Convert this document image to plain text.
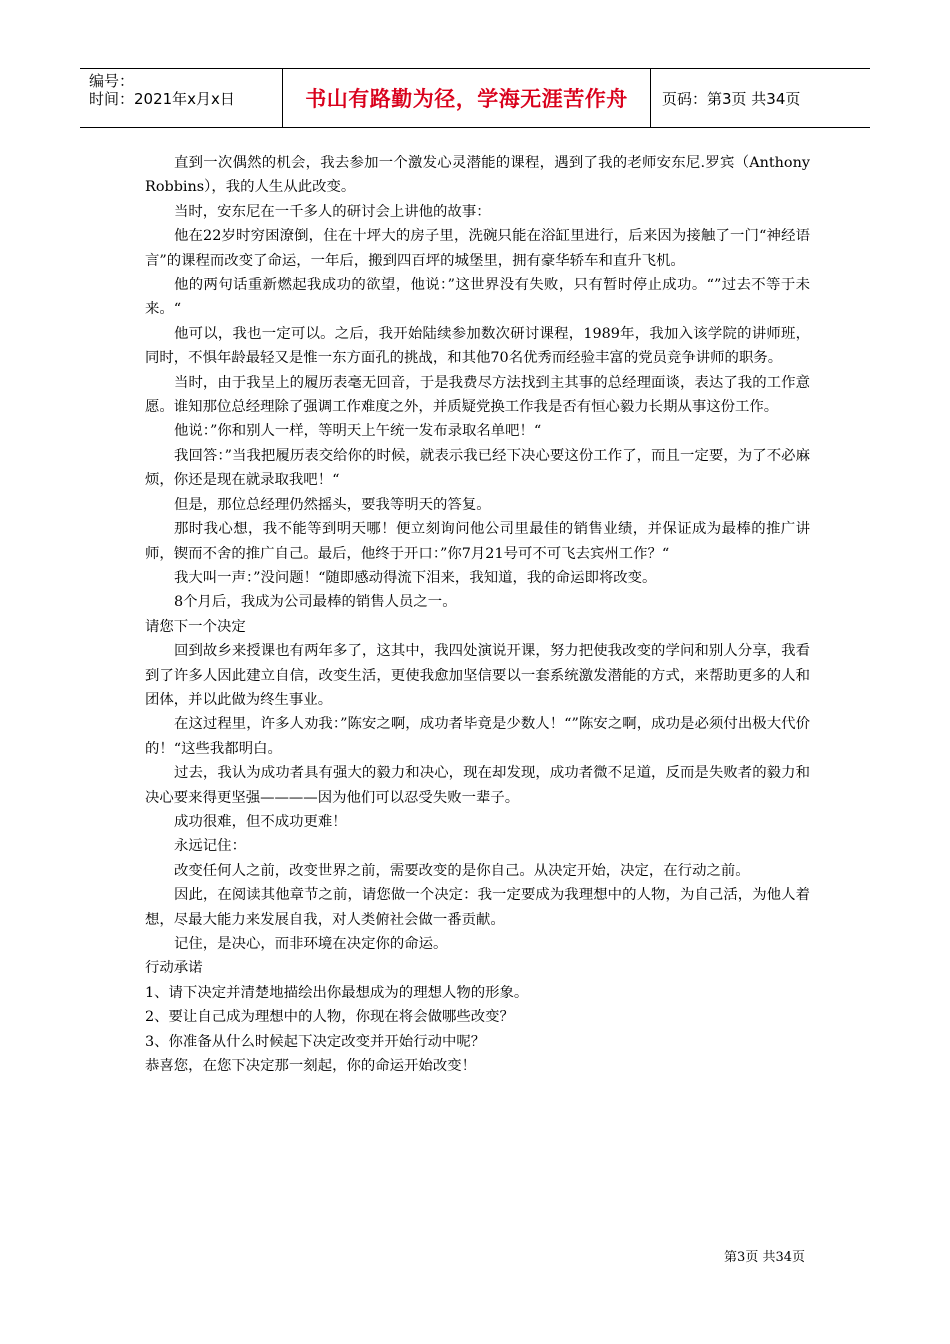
编号：
时间：2021年x月x日	书山有路勤为径，学海无涯苦作舟	页码：第3页 共34页

直到一次偶然的机会，我去参加一个激发心灵潜能的课程，遇到了我的老师安东尼.罗宾（Anthony Robbins），我的人生从此改变。

当时，安东尼在一千多人的研讨会上讲他的故事：

他在22岁时穷困潦倒，住在十坪大的房子里，洗碗只能在浴缸里进行，后来因为接触了一门“神经语言”的课程而改变了命运，一年后，搬到四百坪的城堡里，拥有豪华轿车和直升飞机。

他的两句话重新燃起我成功的欲望，他说：”这世界没有失败，只有暂时停止成功。“”过去不等于未来。“

他可以，我也一定可以。之后，我开始陆续参加数次研讨课程，1989年，我加入该学院的讲师班，同时，不惧年龄最轻又是惟一东方面孔的挑战，和其他70名优秀而经验丰富的党员竞争讲师的职务。

当时，由于我呈上的履历表毫无回音，于是我费尽方法找到主其事的总经理面谈，表达了我的工作意愿。谁知那位总经理除了强调工作难度之外，并质疑党换工作我是否有恒心毅力长期从事这份工作。

他说：”你和别人一样，等明天上午统一发布录取名单吧！“

我回答：”当我把履历表交给你的时候，就表示我已经下决心要这份工作了，而且一定要，为了不必麻烦，你还是现在就录取我吧！“

但是，那位总经理仍然摇头，要我等明天的答复。

那时我心想，我不能等到明天哪！便立刻询问他公司里最佳的销售业绩，并保证成为最棒的推广讲师，锲而不舍的推广自己。最后，他终于开口：”你7月21号可不可飞去宾州工作？“

我大叫一声：”没问题！“随即感动得流下泪来，我知道，我的命运即将改变。

8个月后，我成为公司最棒的销售人员之一。

请您下一个决定

回到故乡来授课也有两年多了，这其中，我四处演说开课，努力把使我改变的学问和别人分享，我看到了许多人因此建立自信，改变生活，更使我愈加坚信要以一套系统激发潜能的方式，来帮助更多的人和团体，并以此做为终生事业。

在这过程里，许多人劝我：”陈安之啊，成功者毕竟是少数人！“”陈安之啊，成功是必须付出极大代价的！“这些我都明白。

过去，我认为成功者具有强大的毅力和决心，现在却发现，成功者微不足道，反而是失败者的毅力和决心要来得更坚强————因为他们可以忍受失败一辈子。

成功很难，但不成功更难！

永远记住：

改变任何人之前，改变世界之前，需要改变的是你自己。从决定开始，决定，在行动之前。

因此，在阅读其他章节之前，请您做一个决定：我一定要成为我理想中的人物，为自己活，为他人着想，尽最大能力来发展自我，对人类俯社会做一番贡献。

记住，是决心，而非环境在决定你的命运。

行动承诺

1、请下决定并清楚地描绘出你最想成为的理想人物的形象。

2、要让自己成为理想中的人物，你现在将会做哪些改变？

3、你准备从什么时候起下决定改变并开始行动中呢？

恭喜您，在您下决定那一刻起，你的命运开始改变！

第3页 共34页
